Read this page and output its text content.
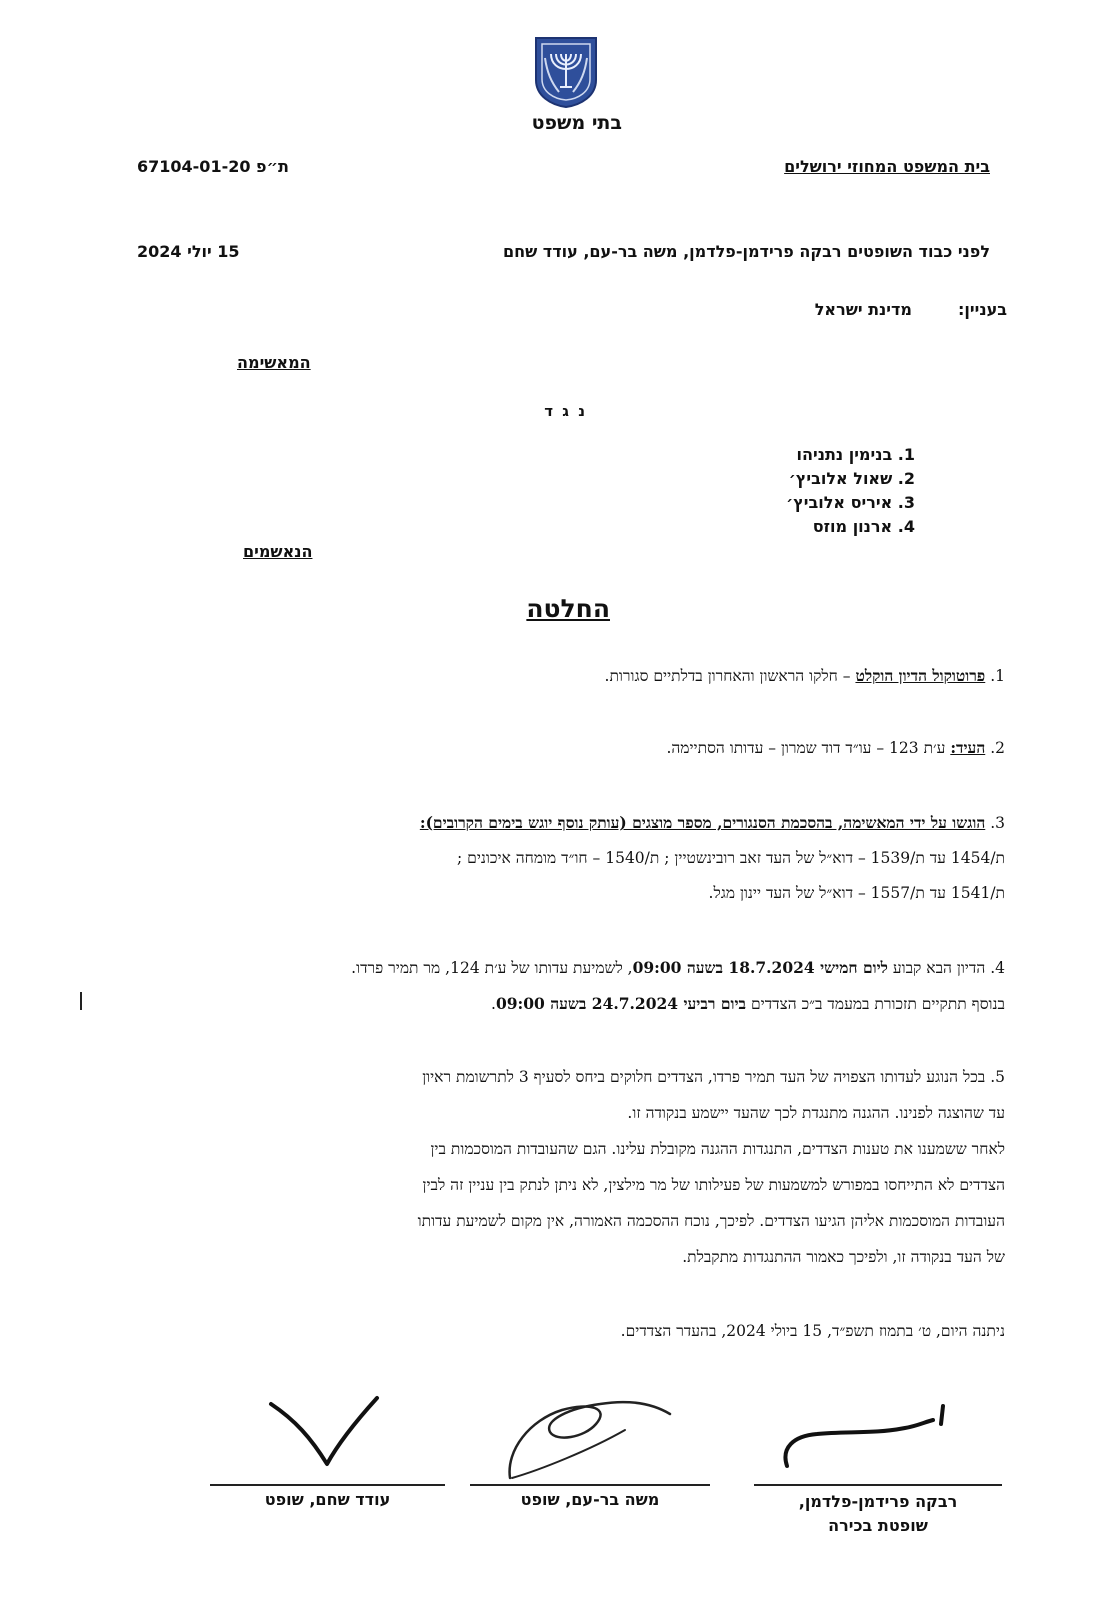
בתי משפט
בית המשפט המחוזי ירושלים
ת״פ 67104-01-20
לפני כבוד השופטים רבקה פרידמן-פלדמן, משה בר-עם, עודד שחם
15 יולי 2024
בעניין:
מדינת ישראל
המאשימה
נ ג ד
1. בנימין נתניהו
2. שאול אלוביץ׳
3. איריס אלוביץ׳
4. ארנון מוזס
הנאשמים
החלטה
1. פרוטוקול הדיון הוקלט – חלקו הראשון והאחרון בדלתיים סגורות.
2. העיד: ע׳ת 123 – עו״ד דוד שמרון – עדותו הסתיימה.
3. הוגשו על ידי המאשימה, בהסכמת הסנגורים, מספר מוצגים (עותק נוסף יוגש בימים הקרובים):
ת/1454 עד ת/1539 – דוא״ל של העד זאב רובינשטיין ; ת/1540 – חו״ד מומחה איכונים ;
ת/1541 עד ת/1557 – דוא״ל של העד יינון מגל.
4. הדיון הבא קבוע ליום חמישי 18.7.2024 בשעה 09:00, לשמיעת עדותו של ע׳ת 124, מר תמיר פרדו.
בנוסף תתקיים תזכורת במעמד ב״כ הצדדים ביום רביעי 24.7.2024 בשעה 09:00.
5. בכל הנוגע לעדותו הצפויה של העד תמיר פרדו, הצדדים חלוקים ביחס לסעיף 3 לתרשומת ראיון
עד שהוצגה לפנינו. ההגנה מתנגדת לכך שהעד יישמע בנקודה זו.
לאחר ששמענו את טענות הצדדים, התנגדות ההגנה מקובלת עלינו. הגם שהעובדות המוסכמות בין
הצדדים לא התייחסו במפורש למשמעות של פעילותו של מר מילצין, לא ניתן לנתק בין עניין זה לבין
העובדות המוסכמות אליהן הגיעו הצדדים. לפיכך, נוכח ההסכמה האמורה, אין מקום לשמיעת עדותו
של העד בנקודה זו, ולפיכך כאמור ההתנגדות מתקבלת.
ניתנה היום, ט׳ בתמוז תשפ״ד, 15 ביולי 2024, בהעדר הצדדים.
רבקה פרידמן-פלדמן,
שופטת בכירה
משה בר-עם, שופט
עודד שחם, שופט
